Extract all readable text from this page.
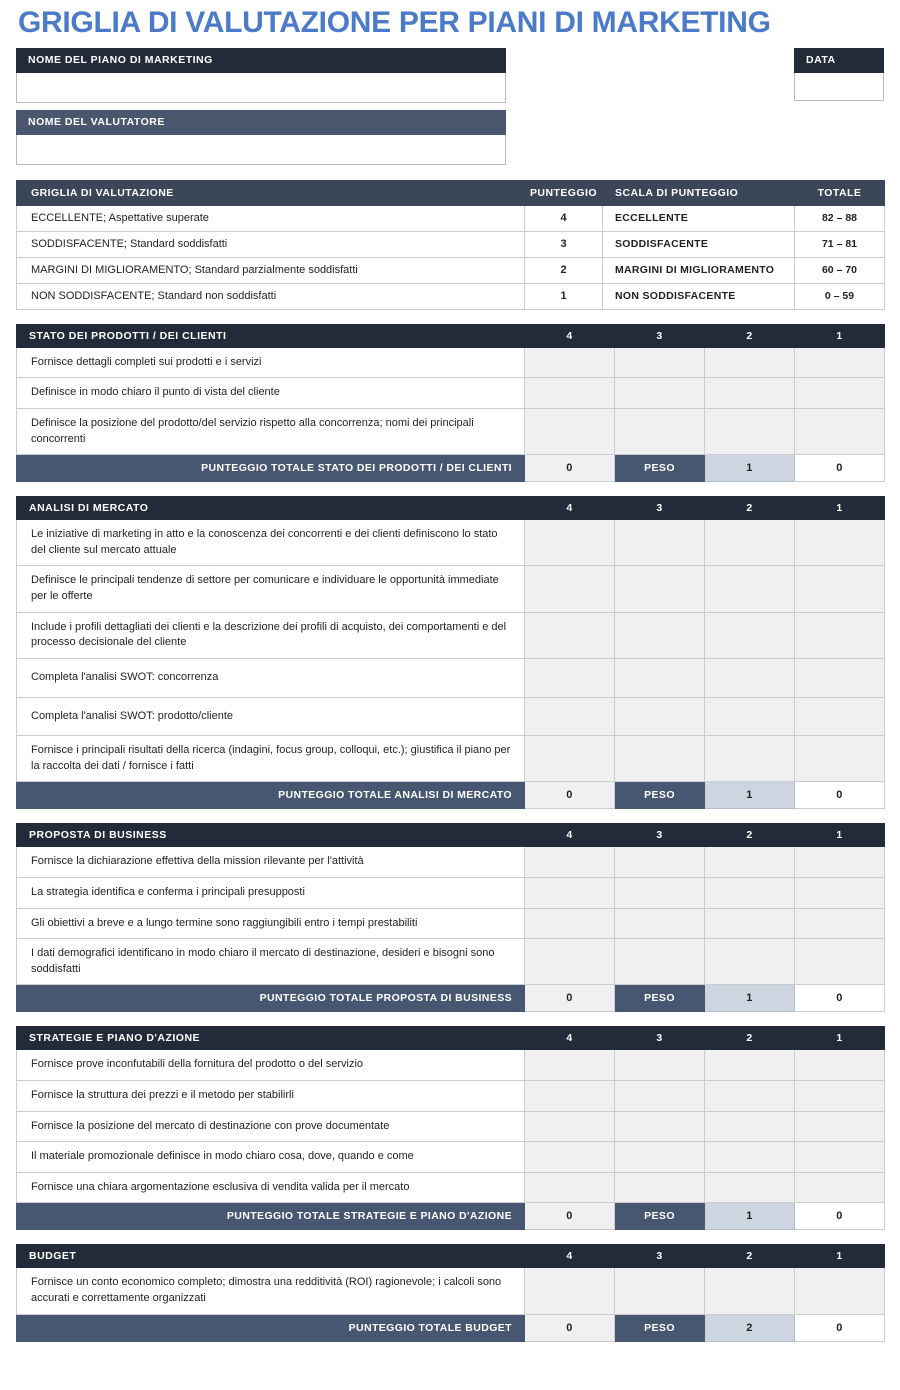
GRIGLIA DI VALUTAZIONE PER PIANI DI MARKETING
NOME DEL PIANO DI MARKETING
NOME DEL VALUTATORE
DATA
GRIGLIA DI VALUTAZIONE	PUNTEGGIO	SCALA DI PUNTEGGIO	TOTALE
ECCELLENTE; Aspettative superate	4	ECCELLENTE	82 – 88
SODDISFACENTE; Standard soddisfatti	3	SODDISFACENTE	71 – 81
MARGINI DI MIGLIORAMENTO; Standard parzialmente soddisfatti	2	MARGINI DI MIGLIORAMENTO	60 – 70
NON SODDISFACENTE; Standard non soddisfatti	1	NON SODDISFACENTE	0 – 59
STATO DEI PRODOTTI / DEI CLIENTI	4	3	2	1
Fornisce dettagli completi sui prodotti e i servizi				
Definisce in modo chiaro il punto di vista del cliente				
Definisce la posizione del prodotto/del servizio rispetto alla concorrenza; nomi dei principali concorrenti				
PUNTEGGIO TOTALE STATO DEI PRODOTTI / DEI CLIENTI	0	PESO	1	0
ANALISI DI MERCATO	4	3	2	1
Le iniziative di marketing in atto e la conoscenza dei concorrenti e dei clienti definiscono lo stato del cliente sul mercato attuale				
Definisce le principali tendenze di settore per comunicare e individuare le opportunità immediate per le offerte				
Include i profili dettagliati dei clienti e la descrizione dei profili di acquisto, dei comportamenti e del processo decisionale del cliente				
Completa l'analisi SWOT: concorrenza				
Completa l'analisi SWOT: prodotto/cliente				
Fornisce i principali risultati della ricerca (indagini, focus group, colloqui, etc.); giustifica il piano per la raccolta dei dati / fornisce i fatti				
PUNTEGGIO TOTALE ANALISI DI MERCATO	0	PESO	1	0
PROPOSTA DI BUSINESS	4	3	2	1
Fornisce la dichiarazione effettiva della mission rilevante per l'attività				
La strategia identifica e conferma i principali presupposti				
Gli obiettivi a breve e a lungo termine sono raggiungibili entro i tempi prestabiliti				
I dati demografici identificano in modo chiaro il mercato di destinazione, desideri e bisogni sono soddisfatti				
PUNTEGGIO TOTALE PROPOSTA DI BUSINESS	0	PESO	1	0
STRATEGIE E PIANO D'AZIONE	4	3	2	1
Fornisce prove inconfutabili della fornitura del prodotto o del servizio				
Fornisce la struttura dei prezzi e il metodo per stabilirli				
Fornisce la posizione del mercato di destinazione con prove documentate				
Il materiale promozionale definisce in modo chiaro cosa, dove, quando e come				
Fornisce una chiara argomentazione esclusiva di vendita valida per il mercato				
PUNTEGGIO TOTALE STRATEGIE E PIANO D'AZIONE	0	PESO	1	0
BUDGET	4	3	2	1
Fornisce un conto economico completo; dimostra una redditività (ROI) ragionevole; i calcoli sono accurati e correttamente organizzati				
PUNTEGGIO TOTALE BUDGET	0	PESO	2	0
